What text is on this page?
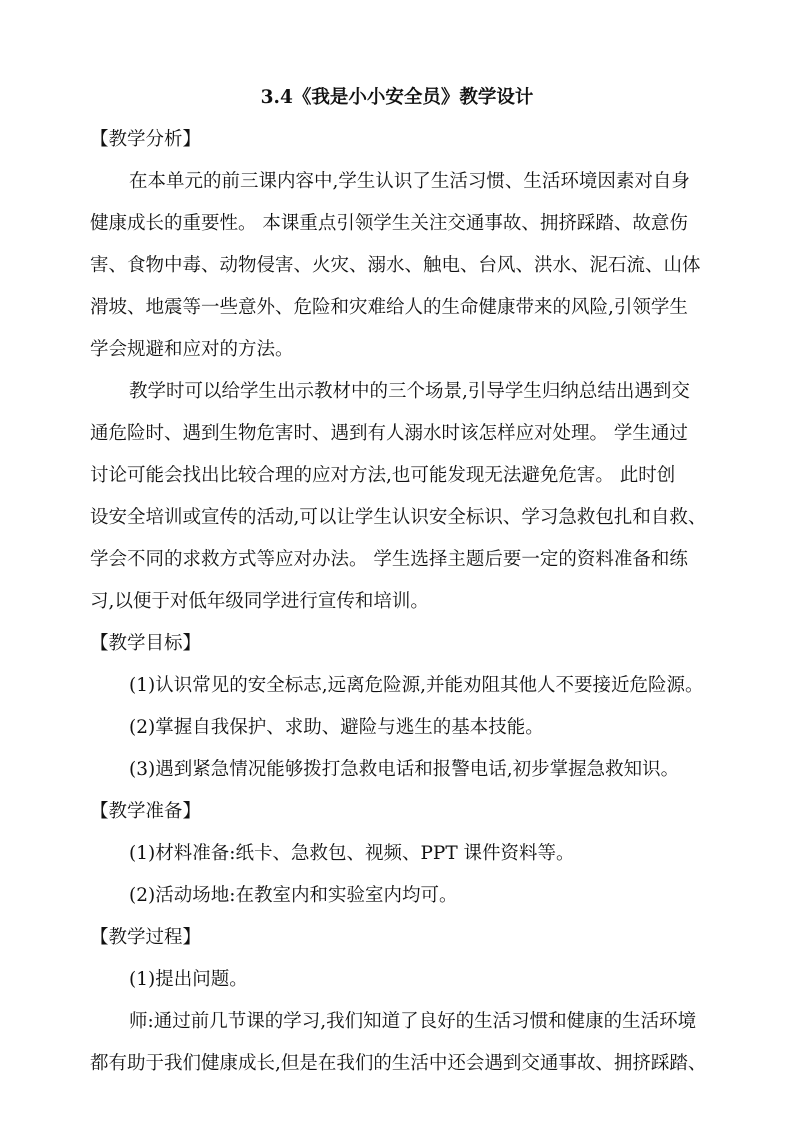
3.4《我是小小安全员》教学设计
【教学分析】
在本单元的前三课内容中,学生认识了生活习惯、生活环境因素对自身
健康成长的重要性。 本课重点引领学生关注交通事故、拥挤踩踏、故意伤
害、食物中毒、动物侵害、火灾、溺水、触电、台风、洪水、泥石流、山体
滑坡、地震等一些意外、危险和灾难给人的生命健康带来的风险,引领学生
学会规避和应对的方法。
教学时可以给学生出示教材中的三个场景,引导学生归纳总结出遇到交
通危险时、遇到生物危害时、遇到有人溺水时该怎样应对处理。 学生通过
讨论可能会找出比较合理的应对方法,也可能发现无法避免危害。 此时创
设安全培训或宣传的活动,可以让学生认识安全标识、学习急救包扎和自救、
学会不同的求救方式等应对办法。 学生选择主题后要一定的资料准备和练
习,以便于对低年级同学进行宣传和培训。
【教学目标】
(1)认识常见的安全标志,远离危险源,并能劝阻其他人不要接近危险源。
(2)掌握自我保护、求助、避险与逃生的基本技能。
(3)遇到紧急情况能够拨打急救电话和报警电话,初步掌握急救知识。
【教学准备】
(1)材料准备:纸卡、急救包、视频、PPT 课件资料等。
(2)活动场地:在教室内和实验室内均可。
【教学过程】
(1)提出问题。
师:通过前几节课的学习,我们知道了良好的生活习惯和健康的生活环境
都有助于我们健康成长,但是在我们的生活中还会遇到交通事故、拥挤踩踏、
